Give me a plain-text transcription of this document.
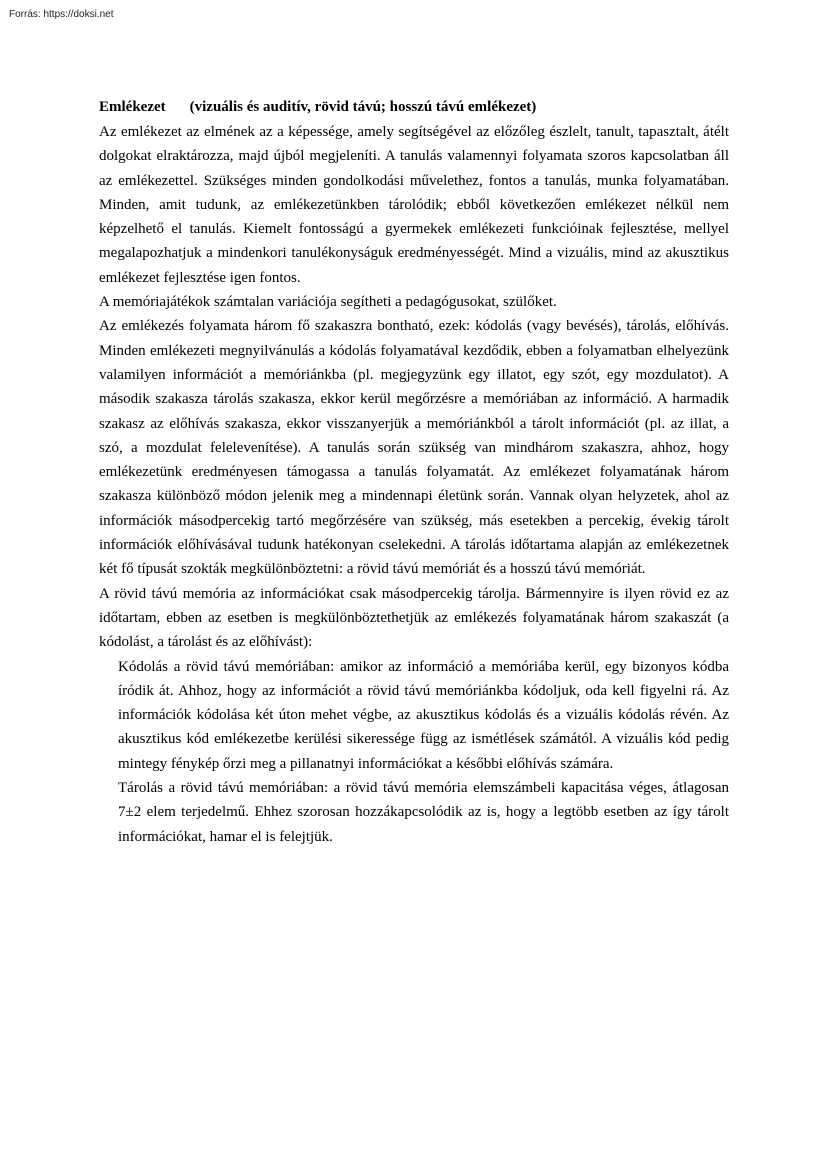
Forrás: https://doksi.net
Emlékezet (vizuális és auditív, rövid távú; hosszú távú emlékezet)

Az emlékezet az elmének az a képessége, amely segítségével az előzőleg észlelt, tanult, tapasztalt, átélt dolgokat elraktározza, majd újból megjeleníti. A tanulás valamennyi folyamata szoros kapcsolatban áll az emlékezettel. Szükséges minden gondolkodási művelethez, fontos a tanulás, munka folyamatában. Minden, amit tudunk, az emlékezetünkben tárolódik; ebből következően emlékezet nélkül nem képzelhető el tanulás. Kiemelt fontosságú a gyermekek emlékezeti funkcióinak fejlesztése, mellyel megalapozhatjuk a mindenkori tanulékonyságuk eredményességét. Mind a vizuális, mind az akusztikus emlékezet fejlesztése igen fontos.

A memóriajátékok számtalan variációja segítheti a pedagógusokat, szülőket.

Az emlékezés folyamata három fő szakaszra bontható, ezek: kódolás (vagy bevésés), tárolás, előhívás. Minden emlékezeti megnyilvánulás a kódolás folyamatával kezdődik, ebben a folyamatban elhelyezünk valamilyen információt a memóriánkba (pl. megjegyzünk egy illatot, egy szót, egy mozdulatot). A második szakasza tárolás szakasza, ekkor kerül megőrzésre a memóriában az információ. A harmadik szakasz az előhívás szakasza, ekkor visszanyerjük a memóriánkból a tárolt információt (pl. az illat, a szó, a mozdulat felelevenítése). A tanulás során szükség van mindhárom szakaszra, ahhoz, hogy emlékezetünk eredményesen támogassa a tanulás folyamatát. Az emlékezet folyamatának három szakasza különböző módon jelenik meg a mindennapi életünk során. Vannak olyan helyzetek, ahol az információk másodpercekig tartó megőrzésére van szükség, más esetekben a percekig, évekig tárolt információk előhívásával tudunk hatékonyan cselekedni. A tárolás időtartama alapján az emlékezetnek két fő típusát szokták megkülönböztetni: a rövid távú memóriát és a hosszú távú memóriát.

A rövid távú memória az információkat csak másodpercekig tárolja. Bármennyire is ilyen rövid ez az időtartam, ebben az esetben is megkülönböztethetjük az emlékezés folyamatának három szakaszát (a kódolást, a tárolást és az előhívást):

Kódolás a rövid távú memóriában: amikor az információ a memóriába kerül, egy bizonyos kódba íródik át. Ahhoz, hogy az információt a rövid távú memóriánkba kódoljuk, oda kell figyelni rá. Az információk kódolása két úton mehet végbe, az akusztikus kódolás és a vizuális kódolás révén. Az akusztikus kód emlékezetbe kerülési sikeressége függ az ismétlések számától. A vizuális kód pedig mintegy fénykép őrzi meg a pillanatnyi információkat a későbbi előhívás számára.

Tárolás a rövid távú memóriában: a rövid távú memória elemszámbeli kapacitása véges, átlagosan 7±2 elem terjedelmű. Ehhez szorosan hozzákapcsolódik az is, hogy a legtöbb esetben az így tárolt információkat, hamar el is felejtjük.
